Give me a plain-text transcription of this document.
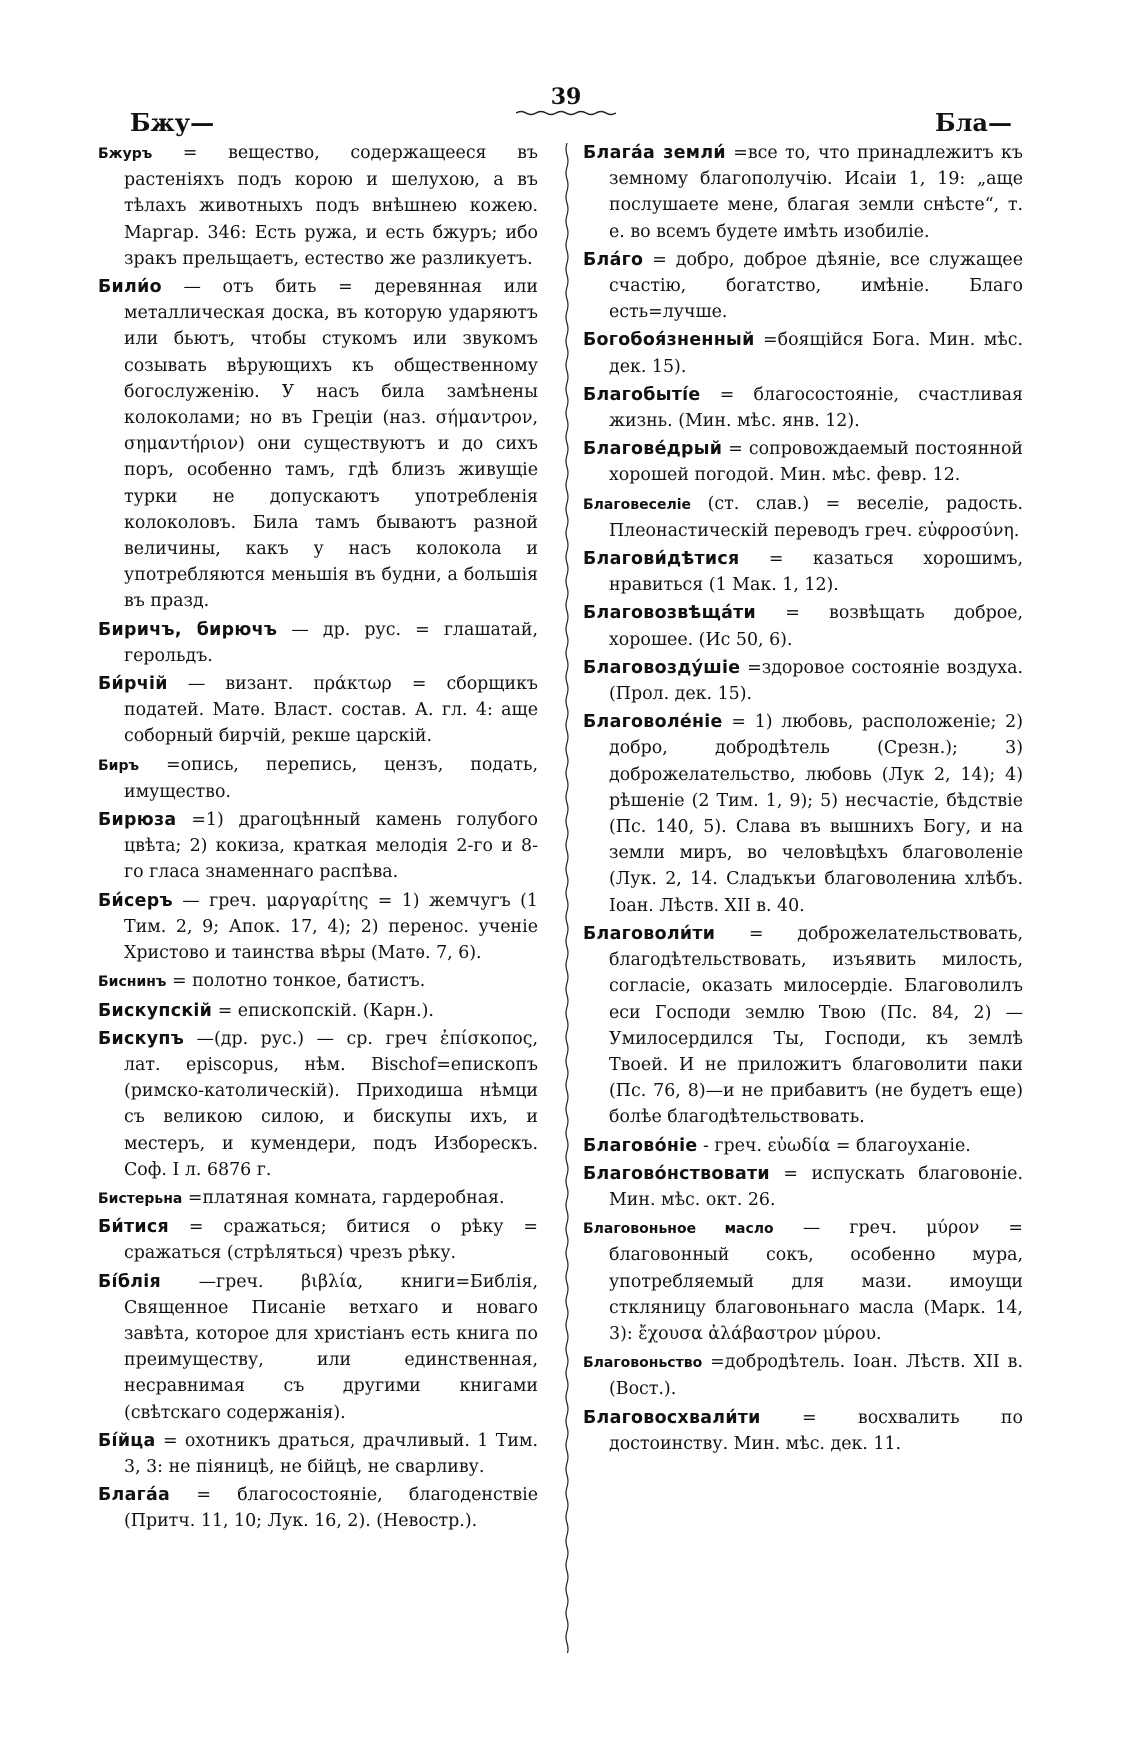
39
Бжу—	Бла—

Бжуръ = вещество, содержащееся въ растеніяхъ подъ корою и шелухою, а въ тѣлахъ животныхъ подъ внѣшнею кожею. Маргар. 346: Есть ружа, и есть бжуръ; ибо зракъ прельщаетъ, естество же разликуетъ.

Били́о — отъ бить = деревянная или металлическая доска, въ которую ударяютъ или бьютъ, чтобы стукомъ или звукомъ созывать вѣрующихъ къ общественному богослуженію. У насъ била замѣнены колоколами; но въ Греціи (наз. σήμαντρον, σημαντήριον) они существуютъ и до сихъ поръ, особенно тамъ, гдѣ близъ живущіе турки не допускаютъ употребленія колоколовъ. Била тамъ бываютъ разной величины, какъ у насъ колокола и употребляются меньшія въ будни, а большія въ празд.

Биричъ, бирючъ — др. рус. = глашатай, герольдъ.

Би́рчій — визант. πράκτωρ = сборщикъ податей. Матѳ. Власт. состав. А. гл. 4: аще соборный бирчій, рекше царскій.

Биръ =опись, перепись, цензъ, подать, имущество.

Бирюза =1) драгоцѣнный камень голубого цвѣта; 2) кокиза, краткая мелодія 2-го и 8-го гласа знаменнаго распѣва.

Би́серъ — греч. μαργαρίτης = 1) жемчугъ (1 Тим. 2, 9; Апок. 17, 4); 2) перенос. ученіе Христово и таинства вѣры (Матѳ. 7, 6).

Биснинъ = полотно тонкое, батистъ.

Бискупскій = епископскій. (Карн.).

Бискупъ —(др. рус.) — ср. греч ἐπίσκοπος, лат. episcopus, нѣм. Bischof=епископъ (римско-католическій). Приходиша нѣмци съ великою силою, и бискупы ихъ, и местеръ, и кумендери, подъ Изборескъ. Соф. I л. 6876 г.

Бистерьна =платяная комната, гардеробная.

Би́тися = сражаться; битися о рѣку = сражаться (стрѣляться) чрезъ рѣку.

Бі́блія —греч. βιβλία, книги=Библія, Священное Писаніе ветхаго и новаго завѣта, которое для христіанъ есть книга по преимуществу, или единственная, несравнимая съ другими книгами (свѣтскаго содержанія).

Бі́йца = охотникъ драться, драчливый. 1 Тим. 3, 3: не піяницѣ, не бійцѣ, не сварливу.

Блага́а = благосостояніе, благоденствіе (Притч. 11, 10; Лук. 16, 2). (Невостр.).

Блага́а земли́ =все то, что принадлежитъ къ земному благополучію. Исаіи 1, 19: „аще послушаете мене, благая земли снѣсте“, т. е. во всемъ будете имѣть изобиліе.

Бла́го = добро, доброе дѣяніе, все служащее счастію, богатство, имѣніе. Благо есть=лучше.

Богобоя́зненный =боящійся Бога. Мин. мѣс. дек. 15).

Благобыті́е = благосостояніе, счастливая жизнь. (Мин. мѣс. янв. 12).

Благове́дрый = сопровождаемый постоянной хорошей погодой. Мин. мѣс. февр. 12.

Благовеселіе (ст. слав.) = веселіе, радость. Плеонастическій переводъ греч. εὐφροσύνη.

Благови́дѣтися = казаться хорошимъ, нравиться (1 Мак. 1, 12).

Благовозвѣща́ти = возвѣщать доброе, хорошее. (Ис 50, 6).

Благовозду́шіе =здоровое состояніе воздуха. (Прол. дек. 15).

Благоволе́ніе = 1) любовь, расположеніе; 2) добро, добродѣтель (Срезн.); 3) доброжелательство, любовь (Лук 2, 14); 4) рѣшеніе (2 Тим. 1, 9); 5) несчастіе, бѣдствіе (Пс. 140, 5). Слава въ вышнихъ Богу, и на земли миръ, во человѣцѣхъ благоволеніе (Лук. 2, 14. Сладъкъи благоволениꙗ хлѣбъ. Іоан. Лѣств. XII в. 40.

Благоволи́ти = доброжелательствовать, благодѣтельствовать, изъявить милость, согласіе, оказать милосердіе. Благоволилъ еси Господи землю Твою (Пс. 84, 2) — Умилосердился Ты, Господи, къ землѣ Твоей. И не приложитъ благоволити паки (Пс. 76, 8)—и не прибавитъ (не будетъ еще) болѣе благодѣтельствовать.

Благово́ніе - греч. εὐωδία = благоуханіе.

Благово́нствовати = испускать благовоніе. Мин. мѣс. окт. 26.

Благовоньное масло — греч. μύρον = благовонный сокъ, особенно мура, употребляемый для мази. имоущи сткляницу благовоньнаго масла (Марк. 14, 3): ἔχουσα ἀλάβαστρον μύρου.

Благовоньство =добродѣтель. Іоан. Лѣств. XII в. (Вост.).

Благовосхвали́ти = восхвалить по достоинству. Мин. мѣс. дек. 11.
